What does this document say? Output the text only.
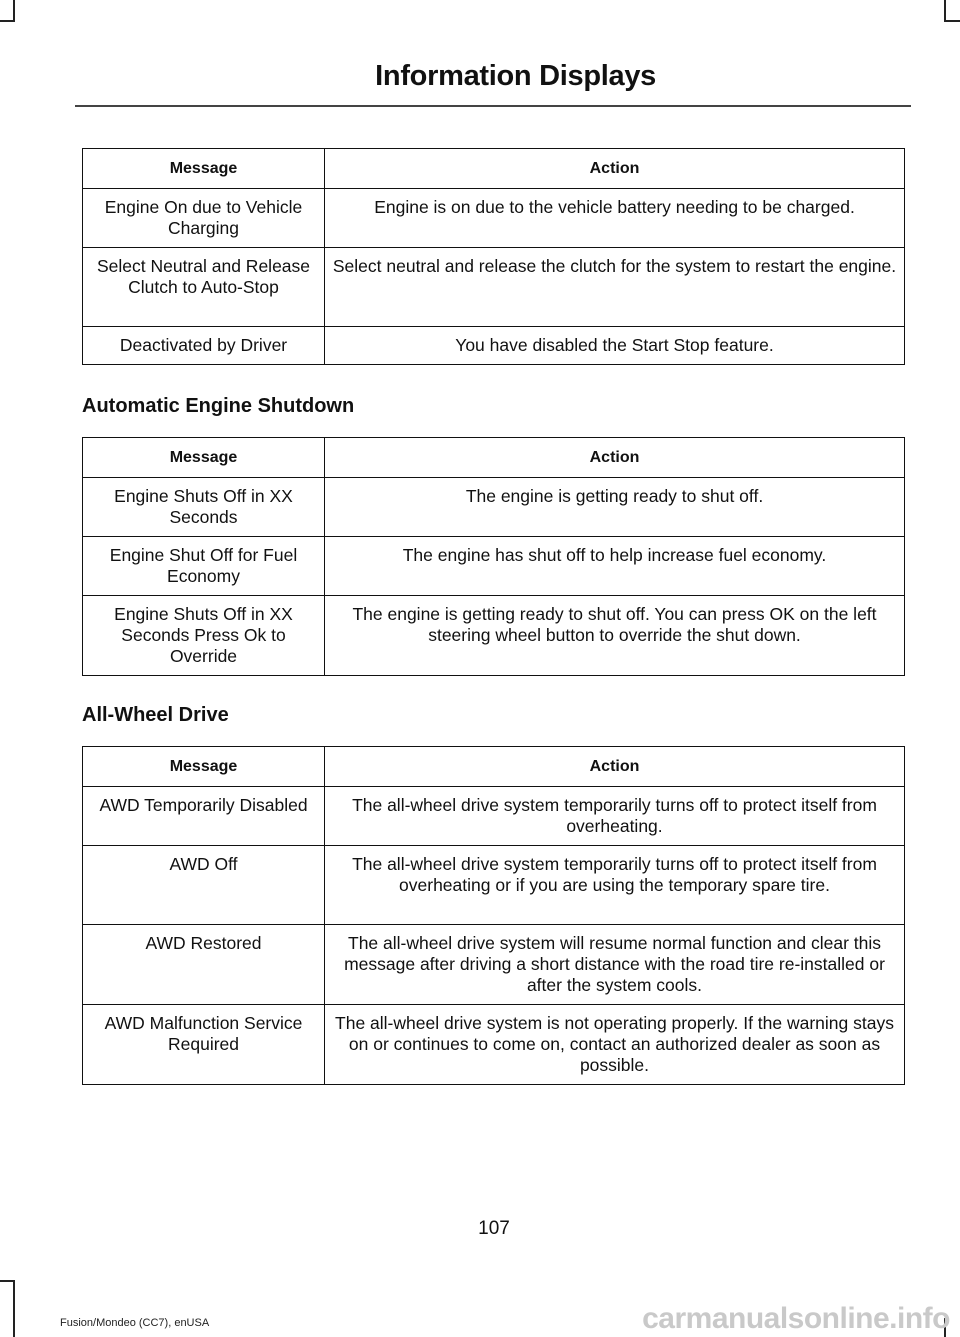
Information Displays
Message	Action
Engine On due to Vehicle Charging	Engine is on due to the vehicle battery needing to be charged.
Select Neutral and Release Clutch to Auto-Stop	Select neutral and release the clutch for the system to restart the engine.
Deactivated by Driver	You have disabled the Start Stop feature.
Automatic Engine Shutdown
Message	Action
Engine Shuts Off in XX Seconds	The engine is getting ready to shut off.
Engine Shut Off for Fuel Economy	The engine has shut off to help increase fuel economy.
Engine Shuts Off in XX Seconds Press Ok to Override	The engine is getting ready to shut off. You can press OK on the left steering wheel button to override the shut down.
All-Wheel Drive
Message	Action
AWD Temporarily Disabled	The all-wheel drive system temporarily turns off to protect itself from overheating.
AWD Off	The all-wheel drive system temporarily turns off to protect itself from overheating or if you are using the temporary spare tire.
AWD Restored	The all-wheel drive system will resume normal function and clear this message after driving a short distance with the road tire re-installed or after the system cools.
AWD Malfunction Service Required	The all-wheel drive system is not operating properly. If the warning stays on or continues to come on, contact an authorized dealer as soon as possible.
107
Fusion/Mondeo (CC7), enUSA	carmanualsonline.info
